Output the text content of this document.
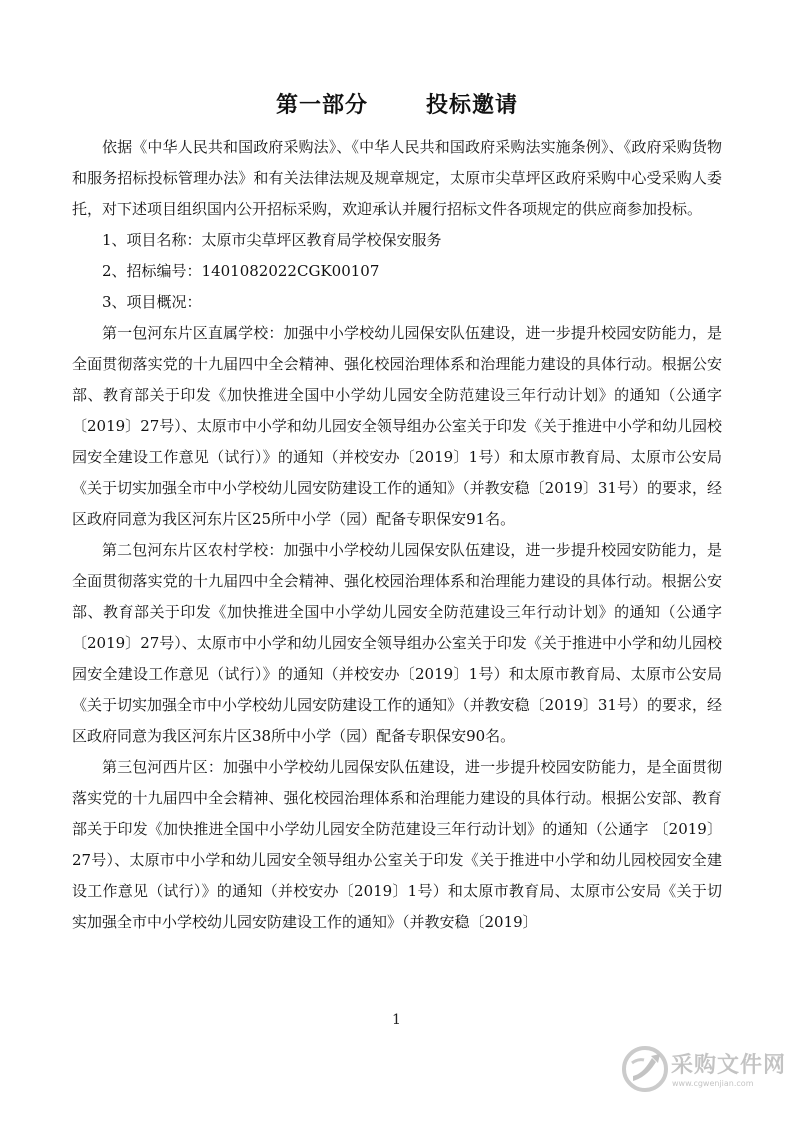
第一部分	投标邀请

依据《中华人民共和国政府采购法》、《中华人民共和国政府采购法实施条例》、《政府采购货物和服务招标投标管理办法》和有关法律法规及规章规定，太原市尖草坪区政府采购中心受采购人委托，对下述项目组织国内公开招标采购，欢迎承认并履行招标文件各项规定的供应商参加投标。

1、项目名称：太原市尖草坪区教育局学校保安服务

2、招标编号：1401082022CGK00107

3、项目概况：

第一包河东片区直属学校：加强中小学校幼儿园保安队伍建设，进一步提升校园安防能力，是全面贯彻落实党的十九届四中全会精神、强化校园治理体系和治理能力建设的具体行动。根据公安部、教育部关于印发《加快推进全国中小学幼儿园安全防范建设三年行动计划》的通知（公通字〔2019〕27号）、太原市中小学和幼儿园安全领导组办公室关于印发《关于推进中小学和幼儿园校园安全建设工作意见（试行）》的通知（并校安办〔2019〕1号）和太原市教育局、太原市公安局《关于切实加强全市中小学校幼儿园安防建设工作的通知》（并教安稳〔2019〕31号）的要求，经区政府同意为我区河东片区25所中小学（园）配备专职保安91名。

第二包河东片区农村学校：加强中小学校幼儿园保安队伍建设，进一步提升校园安防能力，是全面贯彻落实党的十九届四中全会精神、强化校园治理体系和治理能力建设的具体行动。根据公安部、教育部关于印发《加快推进全国中小学幼儿园安全防范建设三年行动计划》的通知（公通字 〔2019〕27号）、太原市中小学和幼儿园安全领导组办公室关于印发《关于推进中小学和幼儿园校园安全建设工作意见（试行）》的通知（并校安办〔2019〕1号）和太原市教育局、太原市公安局《关于切实加强全市中小学校幼儿园安防建设工作的通知》（并教安稳〔2019〕31号）的要求，经区政府同意为我区河东片区38所中小学（园）配备专职保安90名。

第三包河西片区：加强中小学校幼儿园保安队伍建设，进一步提升校园安防能力，是全面贯彻落实党的十九届四中全会精神、强化校园治理体系和治理能力建设的具体行动。根据公安部、教育部关于印发《加快推进全国中小学幼儿园安全防范建设三年行动计划》的通知（公通字 〔2019〕27号）、太原市中小学和幼儿园安全领导组办公室关于印发《关于推进中小学和幼儿园校园安全建设工作意见（试行）》的通知（并校安办〔2019〕1号）和太原市教育局、太原市公安局《关于切实加强全市中小学校幼儿园安防建设工作的通知》（并教安稳〔2019〕

1
采购文件网
www.cgwenjian.com
